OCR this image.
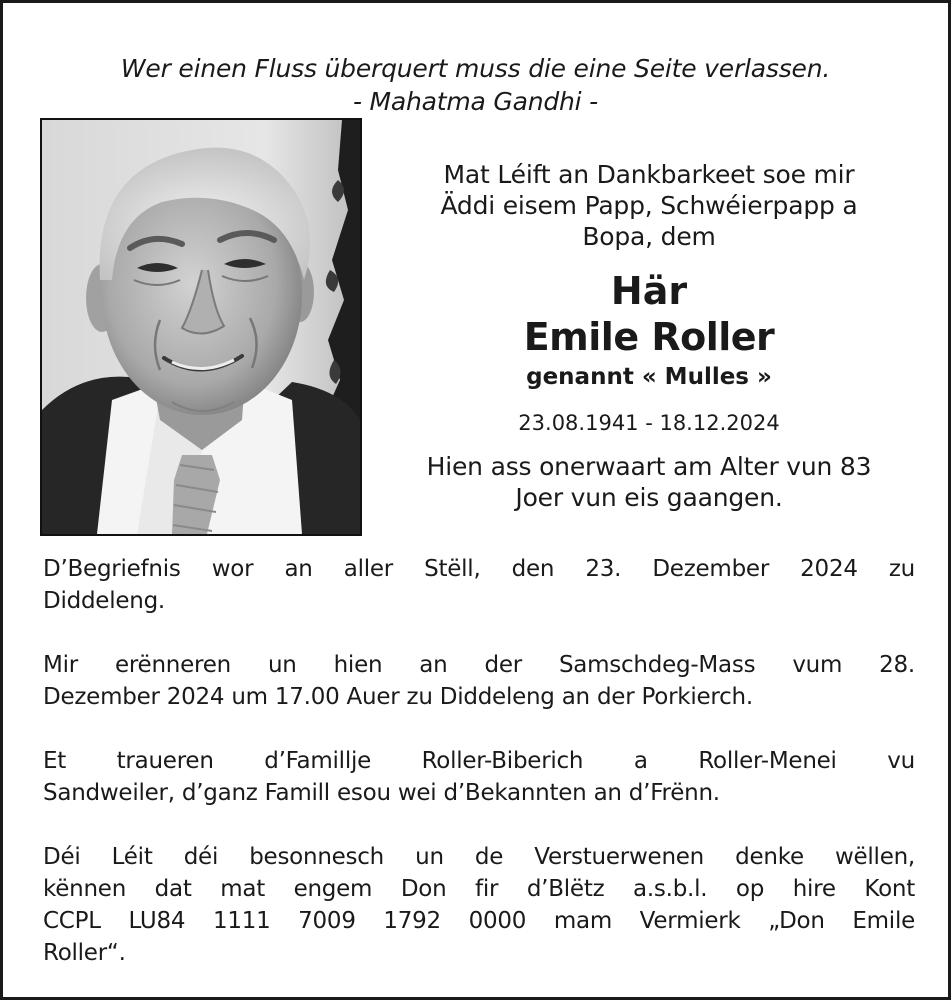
Wer einen Fluss überquert muss die eine Seite verlassen.
- Mahatma Gandhi -
Mat Léift an Dankbarkeet soe mir
Äddi eisem Papp, Schwéierpapp a
Bopa, dem
Här
Emile Roller
genannt « Mulles »
23.08.1941 - 18.12.2024
Hien ass onerwaart am Alter vun 83
Joer vun eis gaangen.
D’Begriefnis wor an aller Stëll, den 23. Dezember 2024 zu
Diddeleng.
Mir erënneren un hien an der Samschdeg-Mass vum 28.
Dezember 2024 um 17.00 Auer zu Diddeleng an der Porkierch.
Et traueren d’Famillje Roller-Biberich a Roller-Menei vu
Sandweiler, d’ganz Famill esou wei d’Bekannten an d’Frënn.
Déi Léit déi besonnesch un de Verstuerwenen denke wëllen,
kënnen dat mat engem Don fir d’Blëtz a.s.b.l. op hire Kont
CCPL LU84 1111 7009 1792 0000 mam Vermierk „Don Emile
Roller“.
